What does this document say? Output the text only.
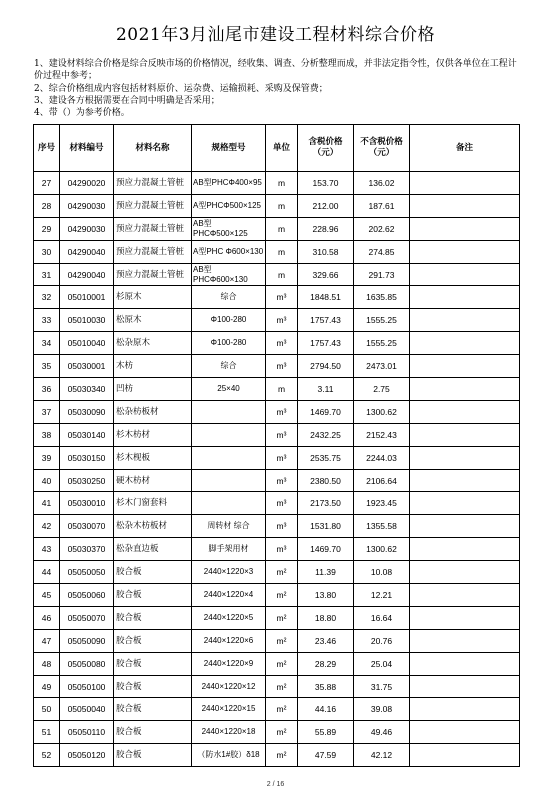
2021年3月汕尾市建设工程材料综合价格
1、建设材料综合价格是综合反映市场的价格情况，经收集、调查、分析整理而成，并非法定指令性，仅供各单位在工程计价过程中参考；
2、综合价格组成内容包括材料原价、运杂费、运输损耗、采购及保管费；
3、建设各方根据需要在合同中明确是否采用；
4、带（）为参考价格。
序号	材料编号	材料名称	规格型号	单位	含税价格（元）	不含税价格（元）	备注
27	04290020	预应力混凝土管桩	AB型PHCΦ400×95	m	153.70	136.02	
28	04290030	预应力混凝土管桩	A型PHCΦ500×125	m	212.00	187.61	
29	04290030	预应力混凝土管桩	AB型PHCΦ500×125	m	228.96	202.62	
30	04290040	预应力混凝土管桩	A型PHC Φ600×130	m	310.58	274.85	
31	04290040	预应力混凝土管桩	AB型PHCΦ600×130	m	329.66	291.73	
32	05010001	杉原木	综合	m³	1848.51	1635.85	
33	05010030	松原木	Φ100-280	m³	1757.43	1555.25	
34	05010040	松杂原木	Φ100-280	m³	1757.43	1555.25	
35	05030001	木枋	综合	m³	2794.50	2473.01	
36	05030340	凹枋	25×40	m	3.11	2.75	
37	05030090	松杂枋板材		m³	1469.70	1300.62	
38	05030140	杉木枋材		m³	2432.25	2152.43	
39	05030150	杉木枧板		m³	2535.75	2244.03	
40	05030250	硬木枋材		m³	2380.50	2106.64	
41	05030010	杉木门窗套料		m³	2173.50	1923.45	
42	05030070	松杂木枋板材	周转材 综合	m³	1531.80	1355.58	
43	05030370	松杂直边板	脚手架用材	m³	1469.70	1300.62	
44	05050050	胶合板	2440×1220×3	m²	11.39	10.08	
45	05050060	胶合板	2440×1220×4	m²	13.80	12.21	
46	05050070	胶合板	2440×1220×5	m²	18.80	16.64	
47	05050090	胶合板	2440×1220×6	m²	23.46	20.76	
48	05050080	胶合板	2440×1220×9	m²	28.29	25.04	
49	05050100	胶合板	2440×1220×12	m²	35.88	31.75	
50	05050040	胶合板	2440×1220×15	m²	44.16	39.08	
51	05050110	胶合板	2440×1220×18	m²	55.89	49.46	
52	05050120	胶合板	（防水1#胶）δ18	m²	47.59	42.12	
2 / 16
